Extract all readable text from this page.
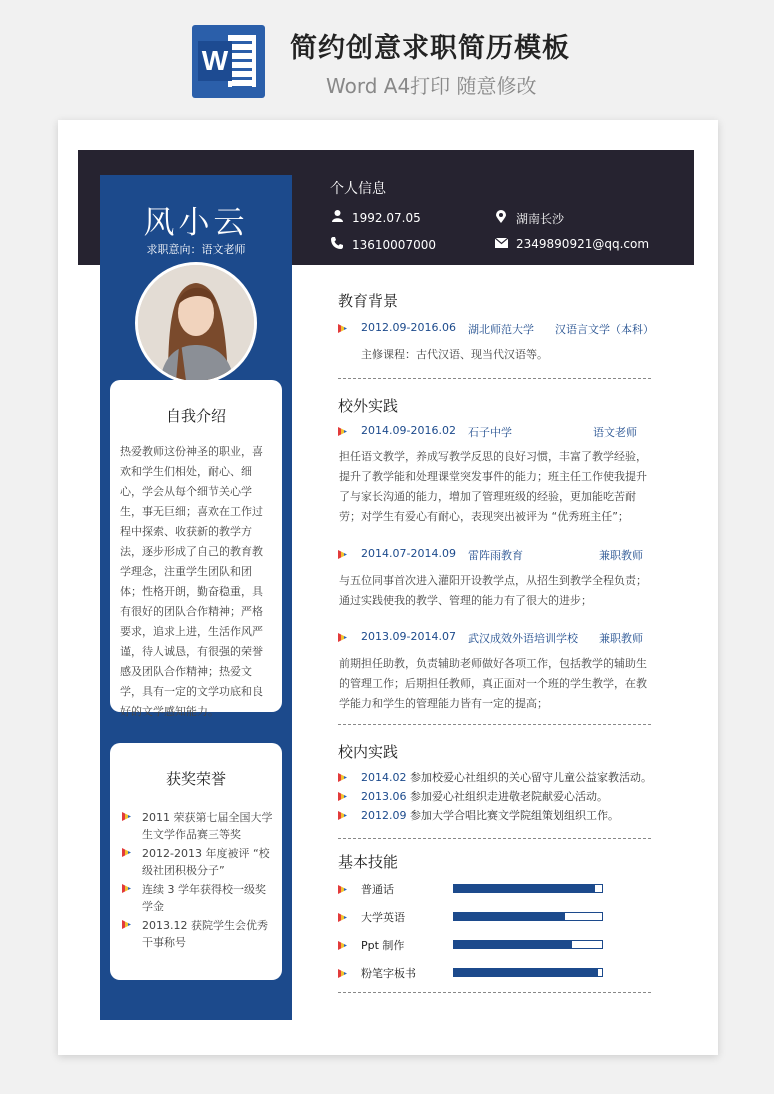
W 简约创意求职简历模板
Word A4打印 随意修改
风小云
求职意向：语文老师
自我介绍
热爱教师这份神圣的职业，喜欢和学生们相处，耐心、细心，学会从每个细节关心学生，事无巨细；喜欢在工作过程中探索、收获新的教学方法，逐步形成了自己的教育教学理念，注重学生团队和团体；性格开朗，勤奋稳重，具有很好的团队合作精神；严格要求，追求上进，生活作风严谨，待人诚恳，有很强的荣誉感及团队合作精神；热爱文学，具有一定的文学功底和良好的文学感知能力。
获奖荣誉
2011 荣获第七届全国大学生文学作品赛三等奖
2012-2013 年度被评 “校级社团积极分子”
连续 3 学年获得校一级奖学金
2013.12 获院学生会优秀干事称号
个人信息
1992.07.05	湖南长沙
13610007000	2349890921@qq.com
教育背景
2012.09-2016.06 湖北师范大学 汉语言文学（本科）
主修课程：古代汉语、现当代汉语等。
校外实践
2014.09-2016.02 石子中学	语文老师
担任语文教学，养成写教学反思的良好习惯，丰富了教学经验，提升了教学能和处理课堂突发事件的能力；班主任工作使我提升了与家长沟通的能力，增加了管理班级的经验，更加能吃苦耐劳；对学生有爱心有耐心，表现突出被评为 “优秀班主任”；
2014.07-2014.09 雷阵雨教育	兼职教师
与五位同事首次进入灌阳开设教学点，从招生到教学全程负责；通过实践使我的教学、管理的能力有了很大的进步；
2013.09-2014.07 武汉成效外语培训学校 兼职教师
前期担任助教，负责辅助老师做好各项工作，包括教学的辅助生的管理工作；后期担任教师，真正面对一个班的学生教学，在教学能力和学生的管理能力皆有一定的提高；
校内实践
2014.02 参加校爱心社组织的关心留守儿童公益家教活动。
2013.06 参加爱心社组织走进敬老院献爱心活动。
2012.09 参加大学合唱比赛文学院组策划组织工作。
基本技能
普通话
大学英语
Ppt 制作
粉笔字板书
